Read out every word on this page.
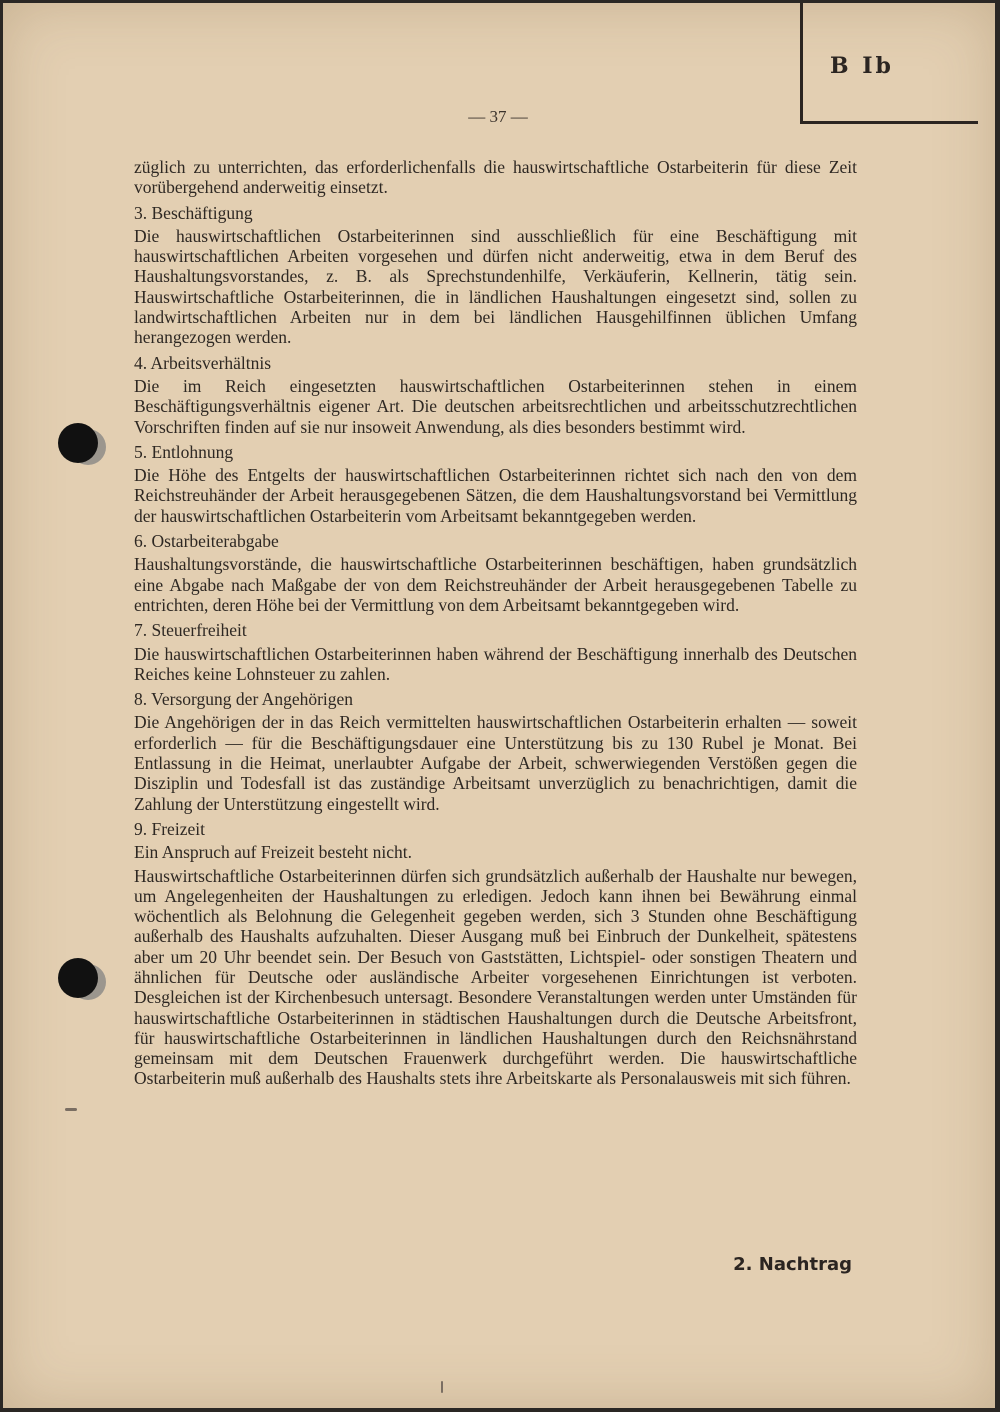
B Ib
— 37 —

züglich zu unterrichten, das erforderlichenfalls die hauswirtschaftliche Ostarbeiterin für diese Zeit vorübergehend anderweitig einsetzt.

3. Beschäftigung

Die hauswirtschaftlichen Ostarbeiterinnen sind ausschließlich für eine Beschäftigung mit hauswirtschaftlichen Arbeiten vorgesehen und dürfen nicht anderweitig, etwa in dem Beruf des Haushaltungsvorstandes, z. B. als Sprechstundenhilfe, Verkäuferin, Kellnerin, tätig sein. Hauswirtschaftliche Ostarbeiterinnen, die in ländlichen Haushaltungen eingesetzt sind, sollen zu landwirtschaftlichen Arbeiten nur in dem bei ländlichen Hausgehilfinnen üblichen Umfang herangezogen werden.

4. Arbeitsverhältnis

Die im Reich eingesetzten hauswirtschaftlichen Ostarbeiterinnen stehen in einem Beschäftigungsverhältnis eigener Art. Die deutschen arbeitsrechtlichen und arbeitsschutzrechtlichen Vorschriften finden auf sie nur insoweit Anwendung, als dies besonders bestimmt wird.

5. Entlohnung

Die Höhe des Entgelts der hauswirtschaftlichen Ostarbeiterinnen richtet sich nach den von dem Reichstreuhänder der Arbeit herausgegebenen Sätzen, die dem Haushaltungsvorstand bei Vermittlung der hauswirtschaftlichen Ostarbeiterin vom Arbeitsamt bekanntgegeben werden.

6. Ostarbeiterabgabe

Haushaltungsvorstände, die hauswirtschaftliche Ostarbeiterinnen beschäftigen, haben grundsätzlich eine Abgabe nach Maßgabe der von dem Reichstreuhänder der Arbeit herausgegebenen Tabelle zu entrichten, deren Höhe bei der Vermittlung von dem Arbeitsamt bekanntgegeben wird.

7. Steuerfreiheit

Die hauswirtschaftlichen Ostarbeiterinnen haben während der Beschäftigung innerhalb des Deutschen Reiches keine Lohnsteuer zu zahlen.

8. Versorgung der Angehörigen

Die Angehörigen der in das Reich vermittelten hauswirtschaftlichen Ostarbeiterin erhalten — soweit erforderlich — für die Beschäftigungsdauer eine Unterstützung bis zu 130 Rubel je Monat. Bei Entlassung in die Heimat, unerlaubter Aufgabe der Arbeit, schwerwiegenden Verstößen gegen die Disziplin und Todesfall ist das zuständige Arbeitsamt unverzüglich zu benachrichtigen, damit die Zahlung der Unterstützung eingestellt wird.

9. Freizeit

Ein Anspruch auf Freizeit besteht nicht.

Hauswirtschaftliche Ostarbeiterinnen dürfen sich grundsätzlich außerhalb der Haushalte nur bewegen, um Angelegenheiten der Haushaltungen zu erledigen. Jedoch kann ihnen bei Bewährung einmal wöchentlich als Belohnung die Gelegenheit gegeben werden, sich 3 Stunden ohne Beschäftigung außerhalb des Haushalts aufzuhalten. Dieser Ausgang muß bei Einbruch der Dunkelheit, spätestens aber um 20 Uhr beendet sein. Der Besuch von Gaststätten, Lichtspiel- oder sonstigen Theatern und ähnlichen für Deutsche oder ausländische Arbeiter vorgesehenen Einrichtungen ist verboten. Desgleichen ist der Kirchenbesuch untersagt. Besondere Veranstaltungen werden unter Umständen für hauswirtschaftliche Ostarbeiterinnen in städtischen Haushaltungen durch die Deutsche Arbeitsfront, für hauswirtschaftliche Ostarbeiterinnen in ländlichen Haushaltungen durch den Reichsnährstand gemeinsam mit dem Deutschen Frauenwerk durchgeführt werden. Die hauswirtschaftliche Ostarbeiterin muß außerhalb des Haushalts stets ihre Arbeitskarte als Personalausweis mit sich führen.

2. Nachtrag
